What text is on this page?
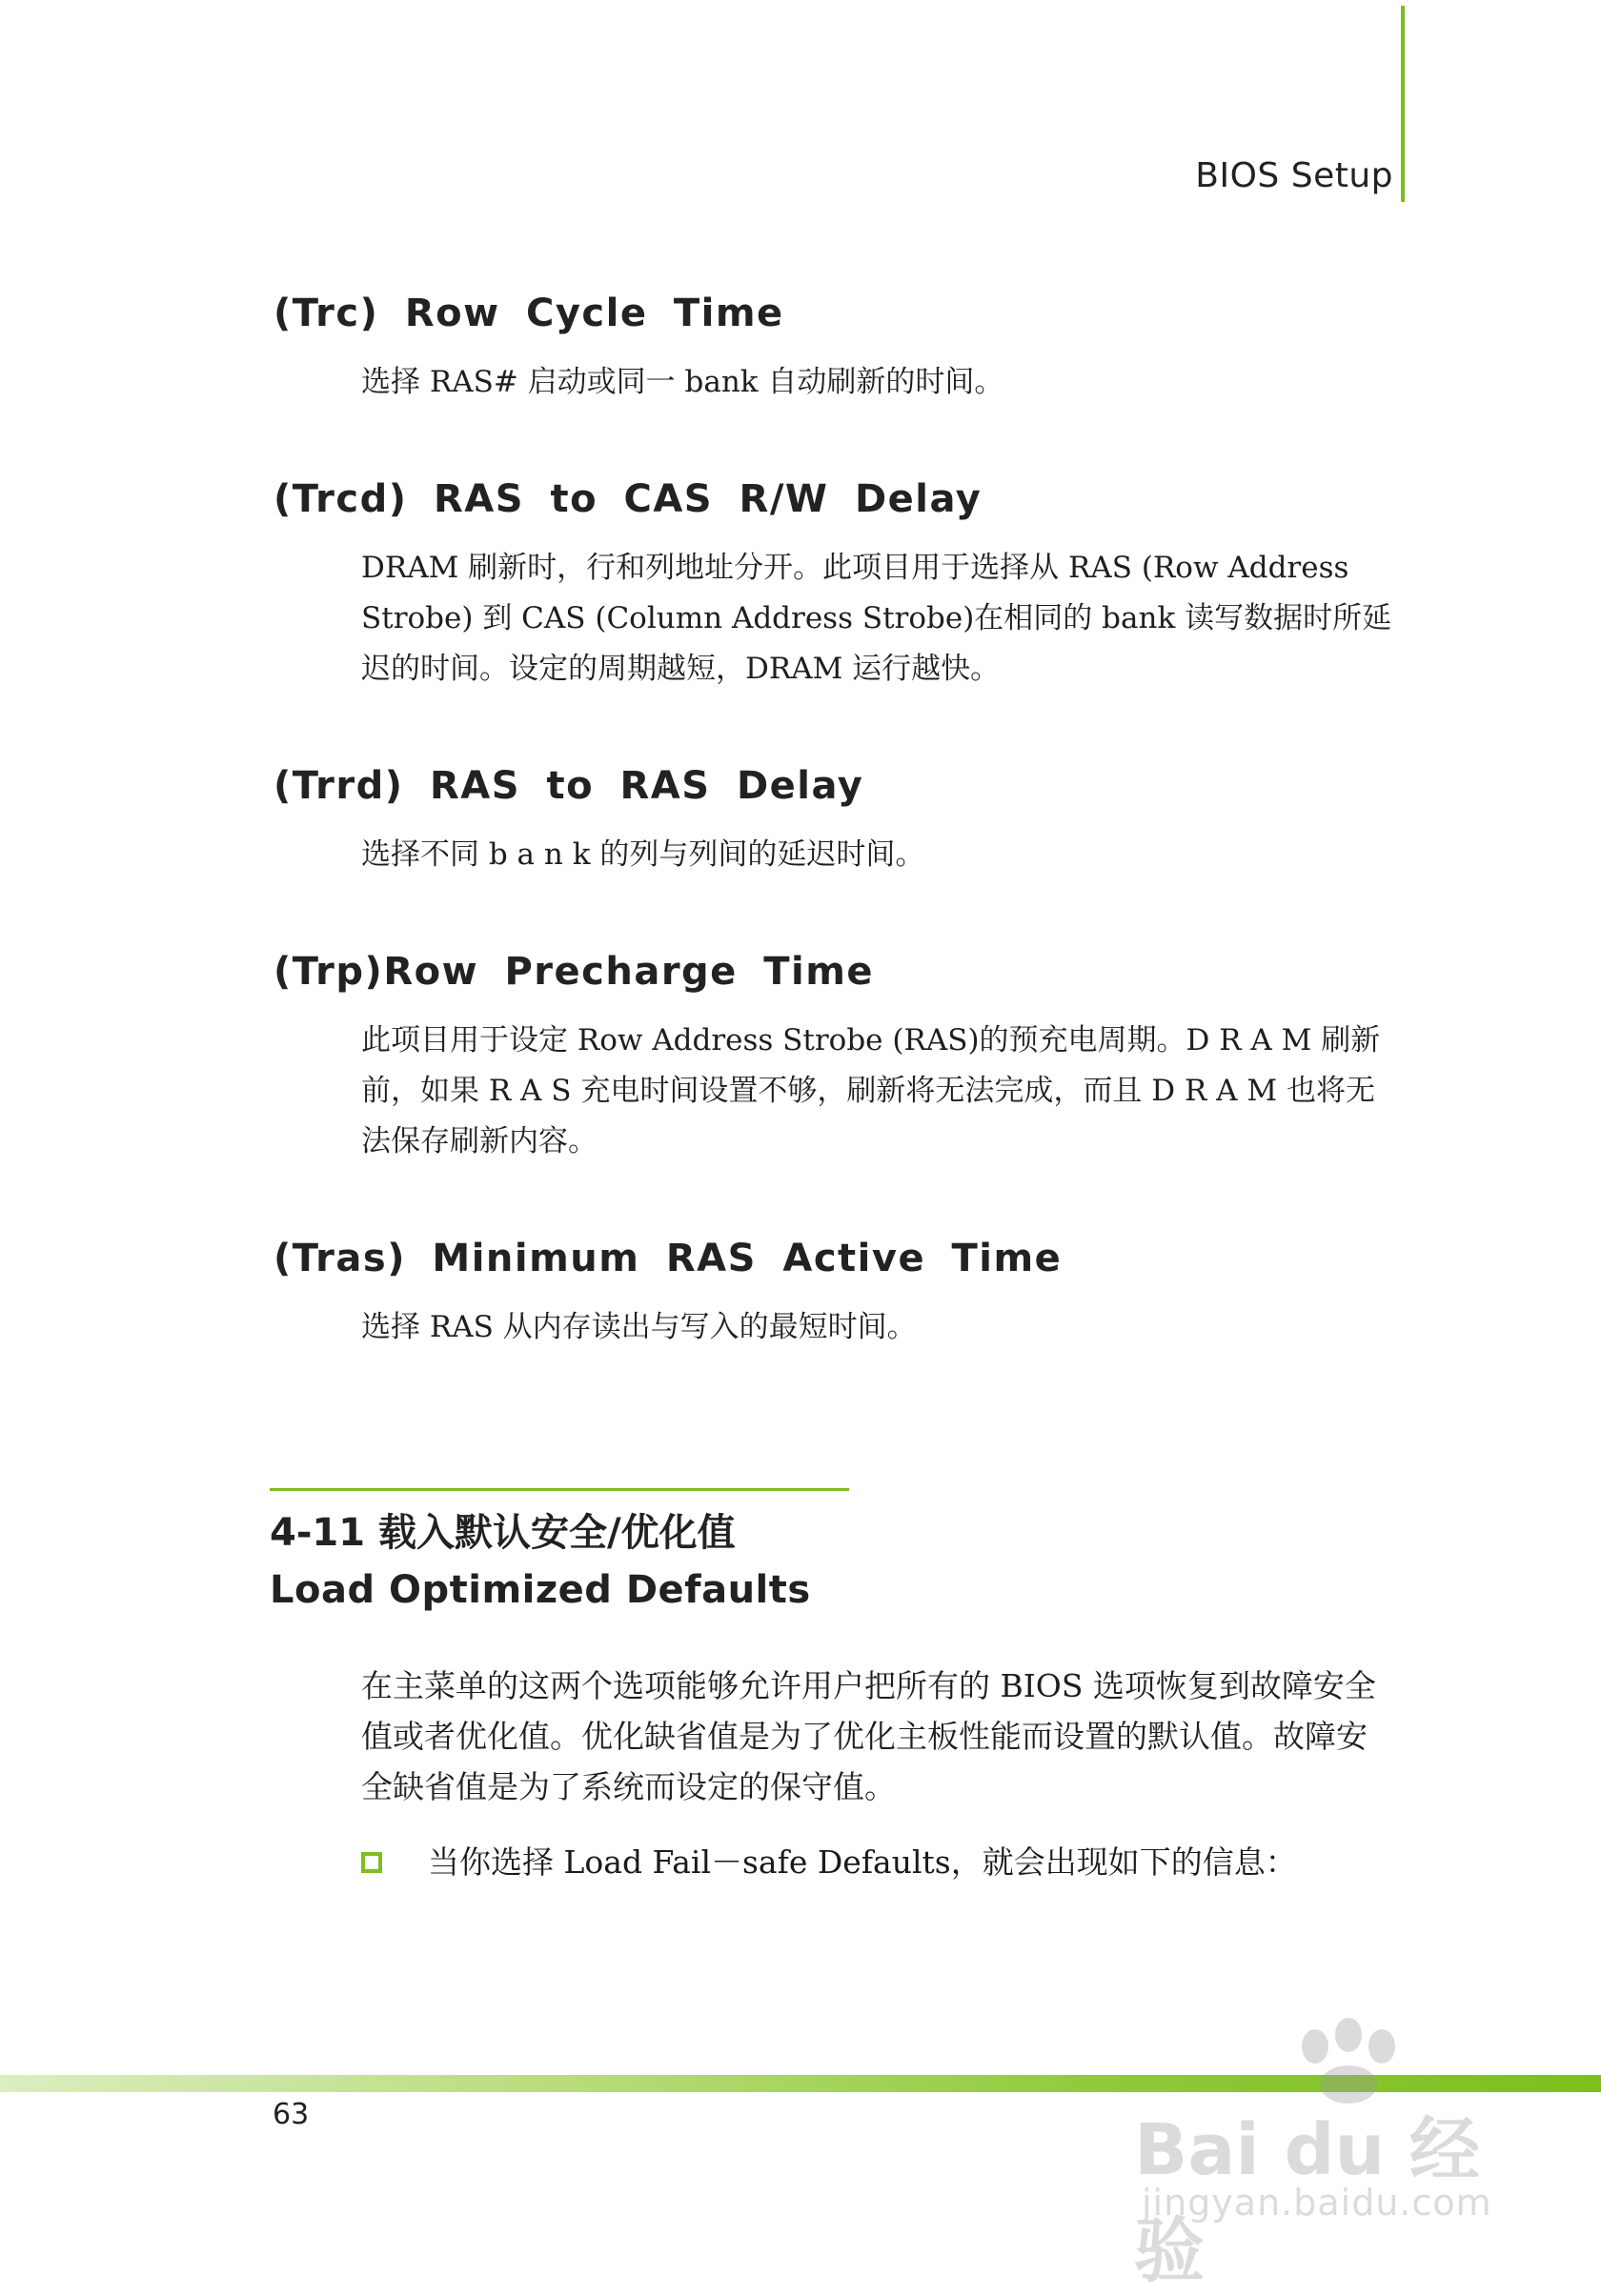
BIOS Setup
(Trc) Row Cycle Time

选择 RAS# 启动或同一 bank 自动刷新的时间。

(Trcd) RAS to CAS R/W Delay

DRAM 刷新时，行和列地址分开。此项目用于选择从 RAS (Row Address Strobe) 到 CAS (Column Address Strobe)在相同的 bank 读写数据时所延迟的时间。设定的周期越短，DRAM 运行越快。

(Trrd) RAS to RAS Delay

选择不同 b a n k 的列与列间的延迟时间。

(Trp)Row Precharge Time

此项目用于设定 Row Address Strobe (RAS)的预充电周期。D R A M 刷新前，如果 R A S 充电时间设置不够，刷新将无法完成，而且 D R A M 也将无法保存刷新内容。

(Tras) Minimum RAS Active Time

选择 RAS 从内存读出与写入的最短时间。

4-11 载入默认安全/优化值
Load Optimized Defaults

在主菜单的这两个选项能够允许用户把所有的 BIOS 选项恢复到故障安全值或者优化值。优化缺省值是为了优化主板性能而设置的默认值。故障安全缺省值是为了系统而设定的保守值。

当你选择 Load Fail－safe Defaults，就会出现如下的信息：
63	Bai du 经验
jingyan.baidu.com
